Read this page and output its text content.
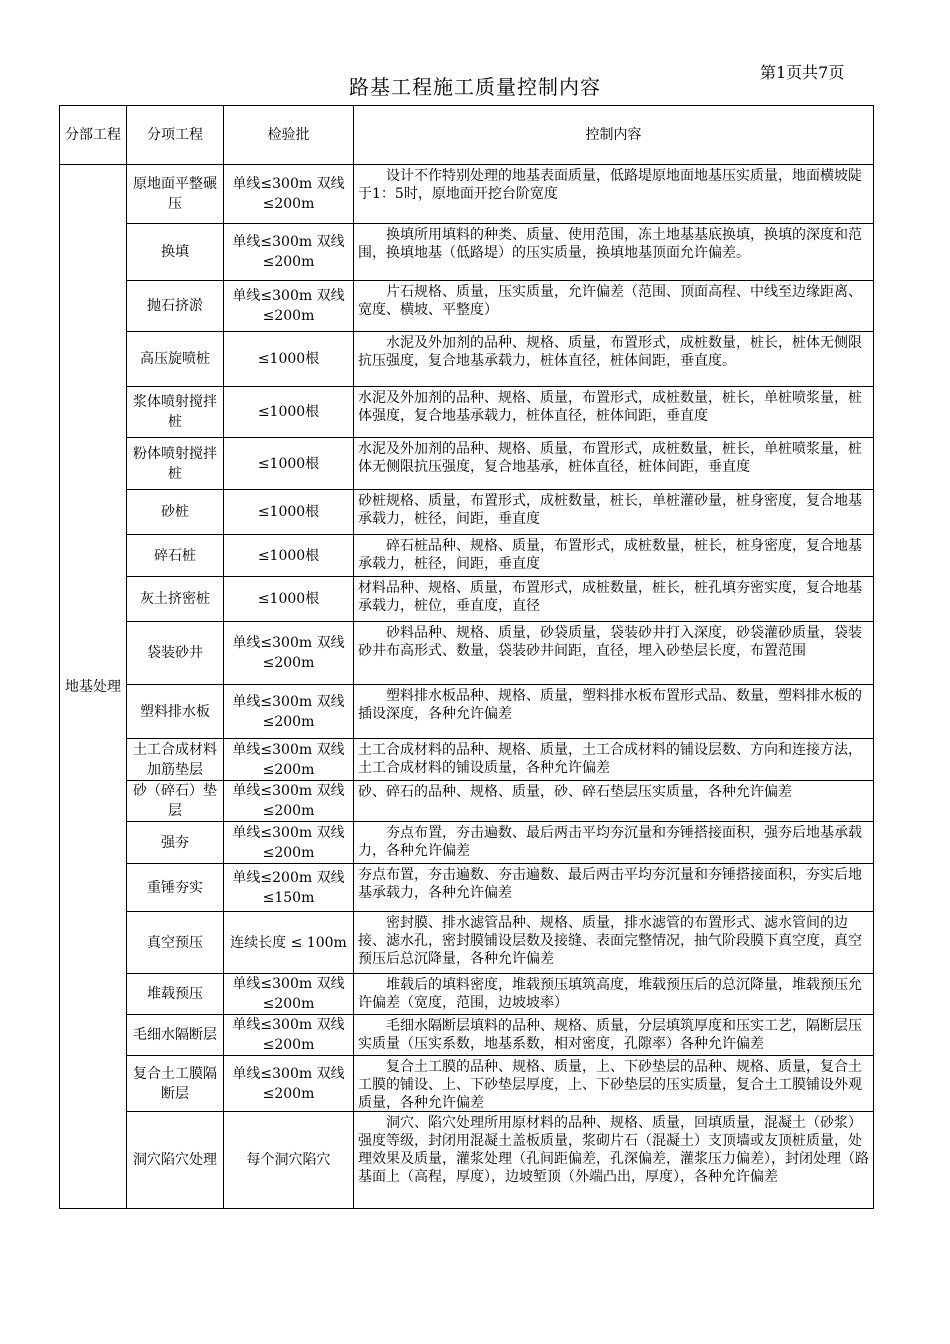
路基工程施工质量控制内容
第1页共7页
分部工程	分项工程	检验批	控制内容
地基处理	原地面平整碾压	单线≤300m 双线≤200m	　　设计不作特别处理的地基表面质量，低路堤原地面地基压实质量，地面横坡陡于1：5时，原地面开挖台阶宽度

	换填	单线≤300m 双线≤200m	　　换填所用填料的种类、质量、使用范围，冻土地基基底换填，换填的深度和范围，换填地基（低路堤）的压实质量，换填地基顶面允许偏差。

	抛石挤淤	单线≤300m 双线≤200m	　　片石规格、质量，压实质量，允许偏差（范围、顶面高程、中线至边缘距离、宽度、横坡、平整度）

	高压旋喷桩	≤1000根	　　水泥及外加剂的品种、规格、质量，布置形式，成桩数量，桩长，桩体无侧限抗压强度，复合地基承载力，桩体直径，桩体间距，垂直度。

	浆体喷射搅拌桩	≤1000根	水泥及外加剂的品种、规格、质量，布置形式，成桩数量，桩长，单桩喷浆量，桩体强度，复合地基承载力，桩体直径，桩体间距，垂直度

	粉体喷射搅拌桩	≤1000根	水泥及外加剂的品种、规格、质量，布置形式，成桩数量，桩长，单桩喷浆量，桩体无侧限抗压强度，复合地基承，桩体直径，桩体间距，垂直度

	砂桩	≤1000根	砂桩规格、质量，布置形式，成桩数量，桩长，单桩灌砂量，桩身密度，复合地基承载力，桩径，间距，垂直度

	碎石桩	≤1000根	　　碎石桩品种、规格、质量，布置形式，成桩数量，桩长，桩身密度，复合地基承载力，桩径，间距，垂直度

	灰土挤密桩	≤1000根	材料品种、规格、质量，布置形式，成桩数量，桩长，桩孔填夯密实度，复合地基承载力，桩位，垂直度，直径

	袋装砂井	单线≤300m 双线≤200m	　　砂料品种、规格、质量，砂袋质量，袋装砂井打入深度，砂袋灌砂质量，袋装砂井布高形式、数量，袋装砂井间距，直径，埋入砂垫层长度，布置范围

	塑料排水板	单线≤300m 双线≤200m	　　塑料排水板品种、规格、质量，塑料排水板布置形式品、数量，塑料排水板的插设深度，各种允许偏差

	土工合成材料加筋垫层	单线≤300m 双线≤200m	土工合成材料的品种、规格、质量，土工合成材料的铺设层数、方向和连接方法，土工合成材料的铺设质量，各种允许偏差

	砂（碎石）垫层	单线≤300m 双线≤200m	砂、碎石的品种、规格、质量，砂、碎石垫层压实质量，各种允许偏差

	强夯	单线≤300m 双线≤200m	　　夯点布置，夯击遍数、最后两击平均夯沉量和夯锤搭接面积，强夯后地基承载力，各种允许偏差

	重锤夯实	单线≤200m 双线≤150m	夯点布置，夯击遍数、夯击遍数、最后两击平均夯沉量和夯锤搭接面积，夯实后地基承载力，各种允许偏差

	真空预压	连续长度 ≤ 100m	　　密封膜、排水滤管品种、规格、质量，排水滤管的布置形式、滤水管间的边接、滤水孔，密封膜铺设层数及接缝、表面完整情况，抽气阶段膜下真空度，真空预压后总沉降量，各种允许偏差

	堆载预压	单线≤300m 双线≤200m	　　堆载后的填料密度，堆载预压填筑高度，堆载预压后的总沉降量，堆载预压允许偏差（宽度，范围，边坡坡率）

	毛细水隔断层	单线≤300m 双线≤200m	　　毛细水隔断层填料的品种、规格、质量，分层填筑厚度和压实工艺，隔断层压实质量（压实系数，地基系数，相对密度，孔隙率）各种允许偏差

	复合土工膜隔断层	单线≤300m 双线≤200m	　　复合土工膜的品种、规格、质量，上、下砂垫层的品种、规格、质量，复合土工膜的铺设、上、下砂垫层厚度，上、下砂垫层的压实质量，复合土工膜铺设外观质量，各种允许偏差

	洞穴陷穴处理	每个洞穴陷穴	　　洞穴、陷穴处理所用原材料的品种、规格、质量，回填质量，混凝土（砂浆）强度等级，封闭用混凝土盖板质量，浆砌片石（混凝土）支顶墙或友顶桩质量，处理效果及质量，灌浆处理（孔间距偏差，孔深偏差，灌浆压力偏差），封闭处理（路基面上（高程，厚度），边坡堑顶（外端凸出，厚度），各种允许偏差
